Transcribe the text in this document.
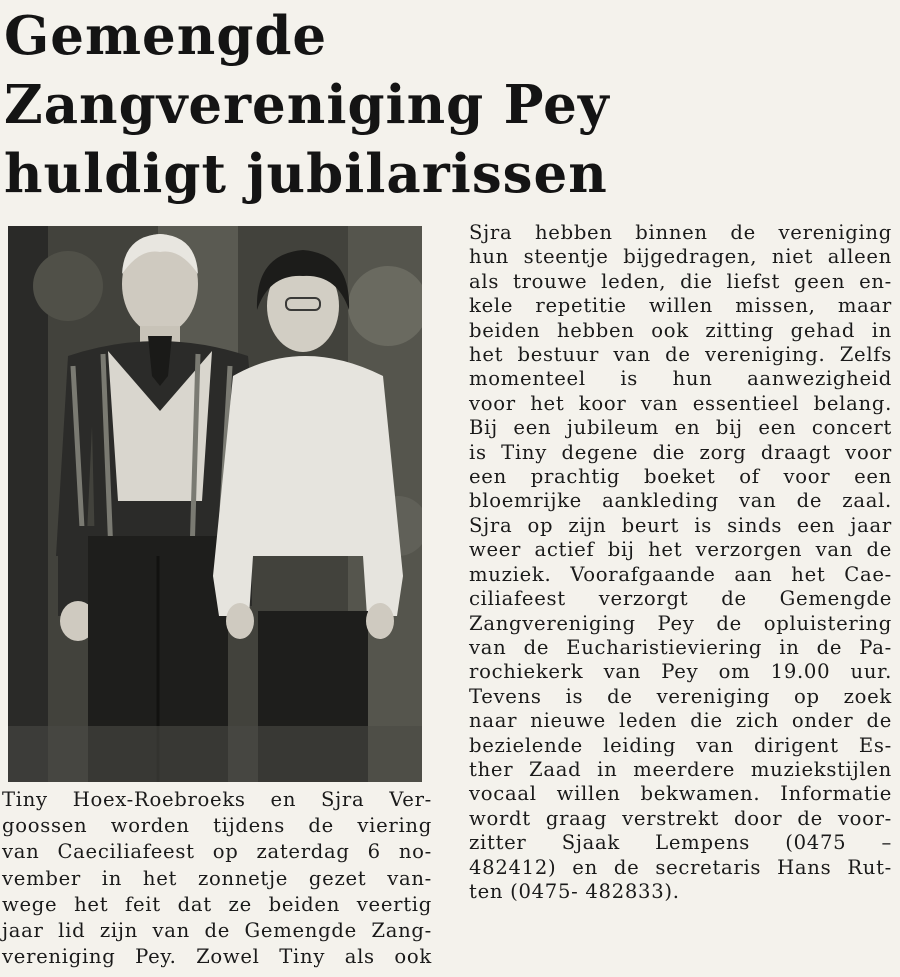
Gemengde
Zangvereniging Pey
huldigt jubilarissen
Tiny Hoex-Roebroeks en Sjra Ver-
goossen worden tijdens de viering
van Caeciliafeest op zaterdag 6 no-
vember in het zonnetje gezet van-
wege het feit dat ze beiden veertig
jaar lid zijn van de Gemengde Zang-
vereniging Pey. Zowel Tiny als ook
Sjra hebben binnen de vereniging
hun steentje bijgedragen, niet alleen
als trouwe leden, die liefst geen en-
kele repetitie willen missen, maar
beiden hebben ook zitting gehad in
het bestuur van de vereniging. Zelfs
momenteel is hun aanwezigheid
voor het koor van essentieel belang.
Bij een jubileum en bij een concert
is Tiny degene die zorg draagt voor
een prachtig boeket of voor een
bloemrijke aankleding van de zaal.
Sjra op zijn beurt is sinds een jaar
weer actief bij het verzorgen van de
muziek. Voorafgaande aan het Cae-
ciliafeest verzorgt de Gemengde
Zangvereniging Pey de opluistering
van de Eucharistieviering in de Pa-
rochiekerk van Pey om 19.00 uur.
Tevens is de vereniging op zoek
naar nieuwe leden die zich onder de
bezielende leiding van dirigent Es-
ther Zaad in meerdere muziekstijlen
vocaal willen bekwamen. Informatie
wordt graag verstrekt door de voor-
zitter Sjaak Lempens (0475 –
482412) en de secretaris Hans Rut-
ten (0475- 482833).
